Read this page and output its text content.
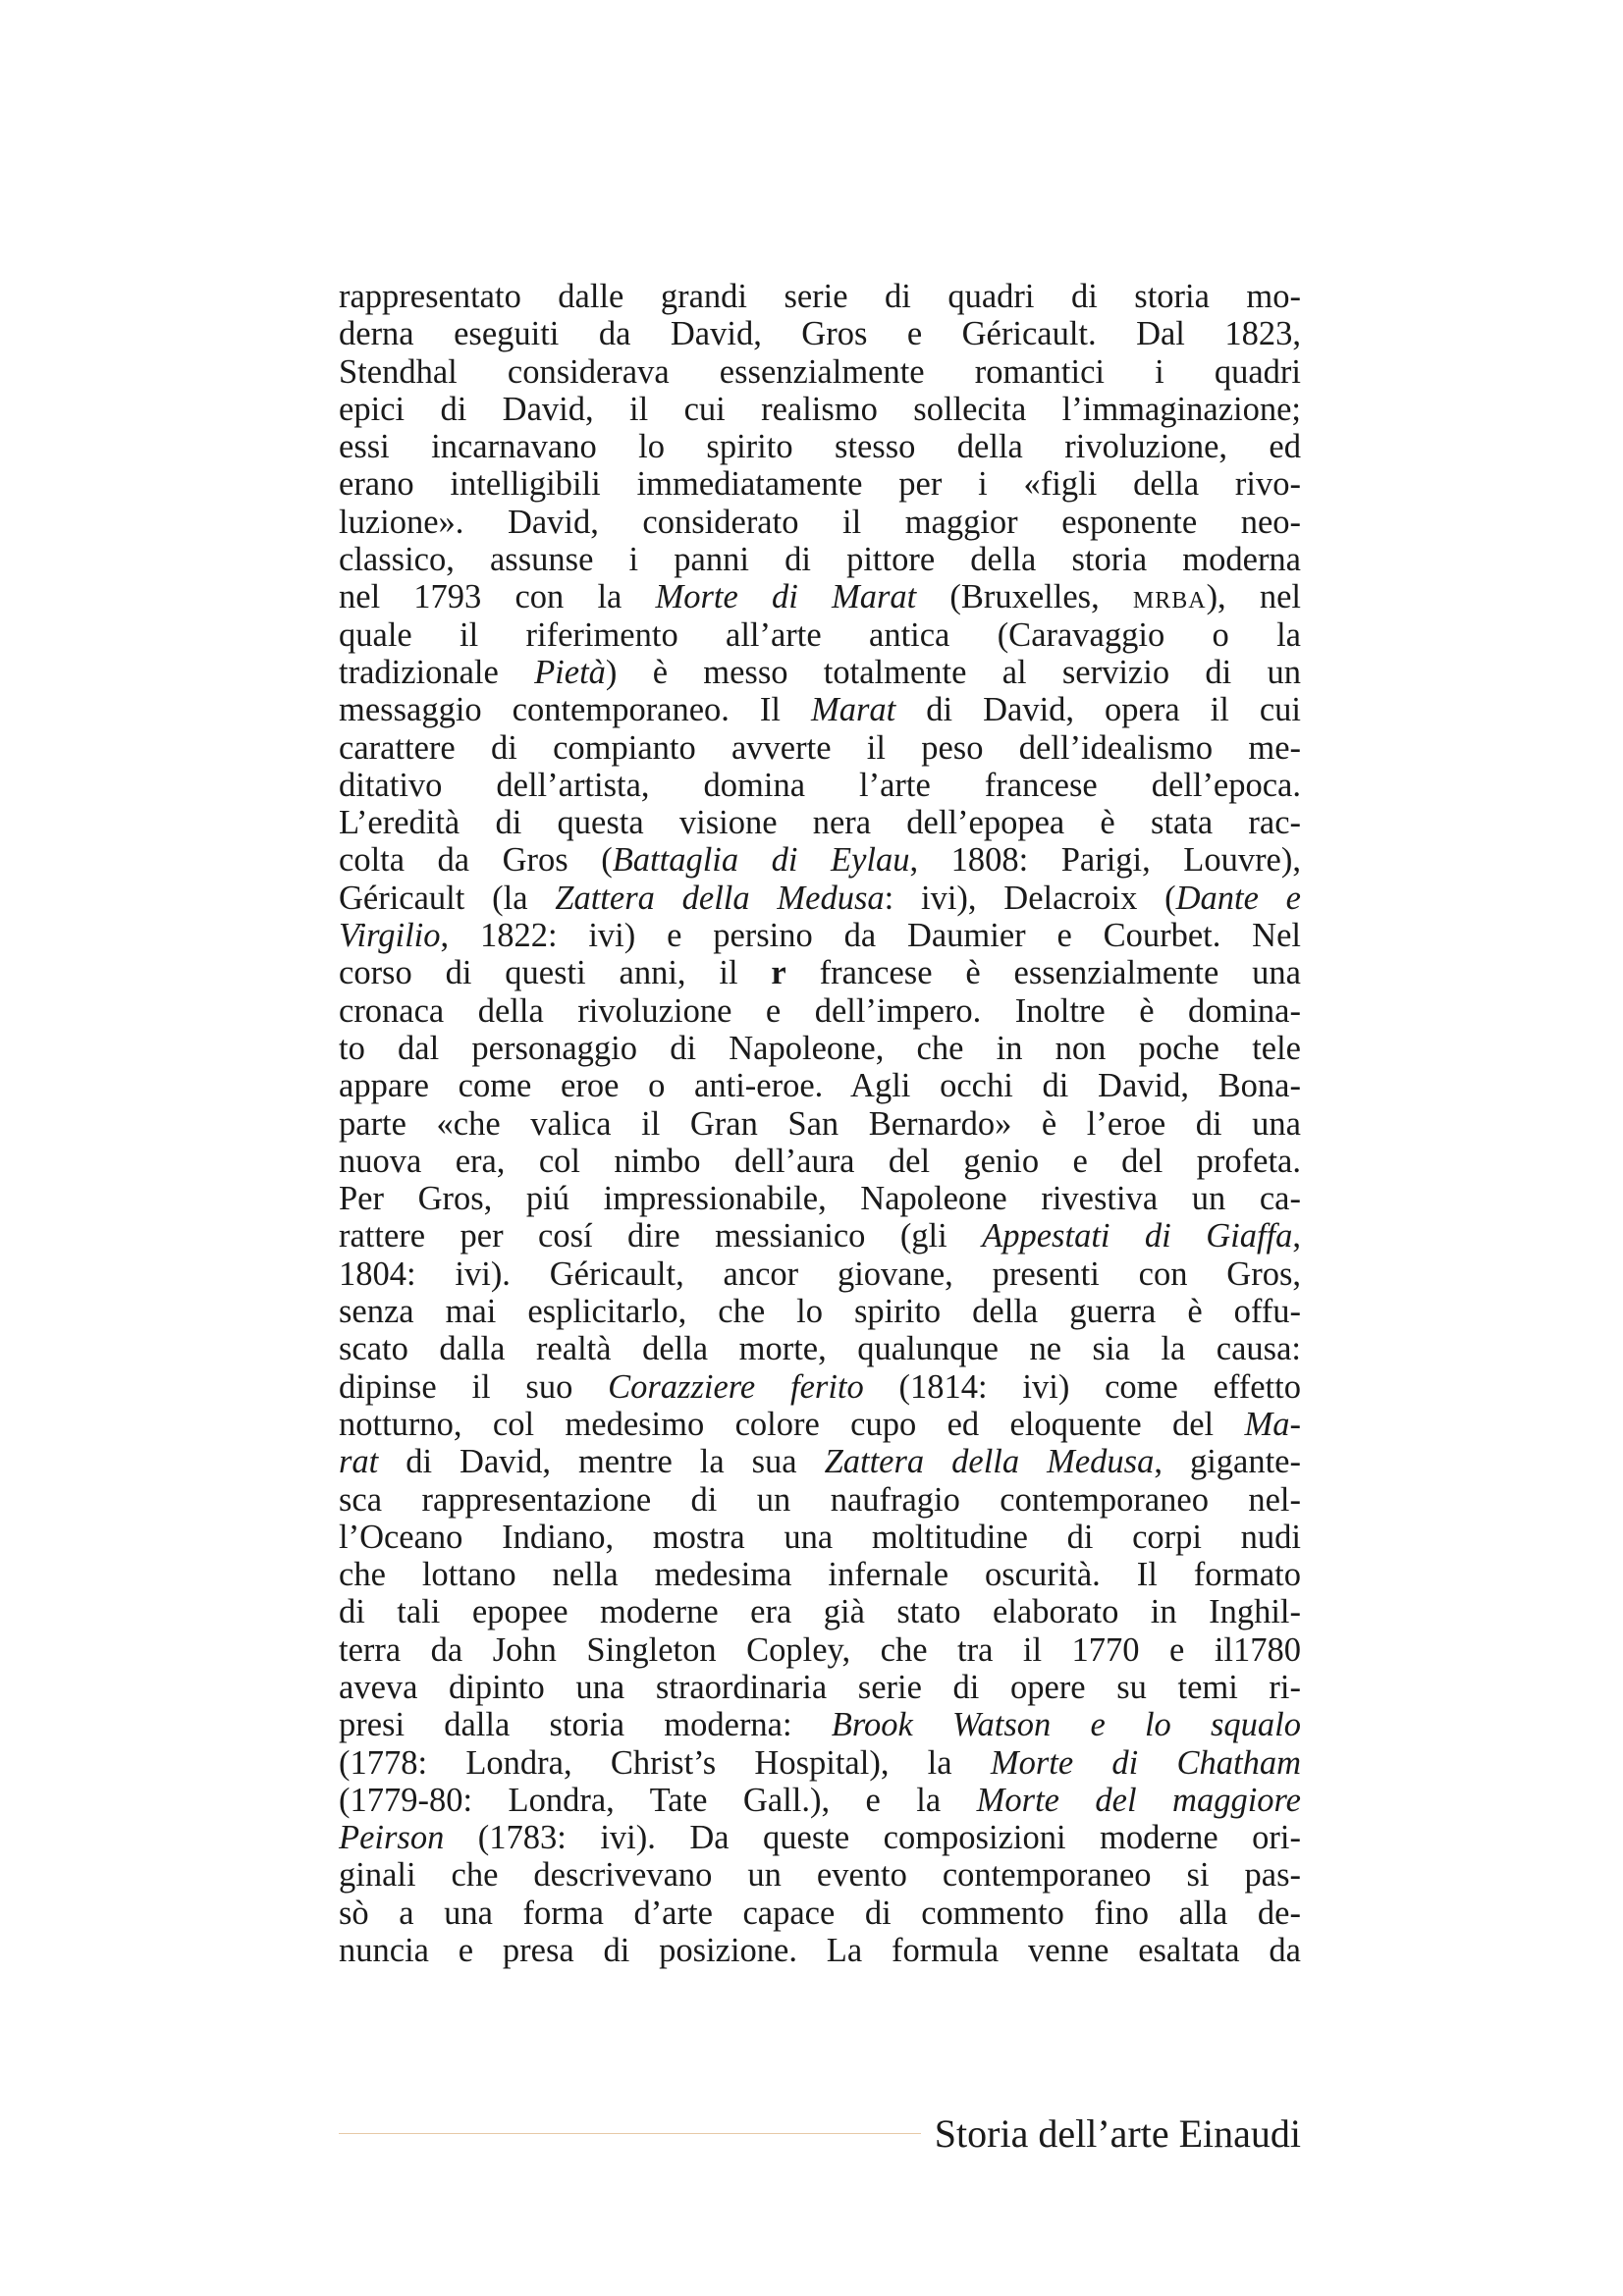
rappresentato dalle grandi serie di quadri di storia mo-
derna eseguiti da David, Gros e Géricault. Dal 1823,
Stendhal considerava essenzialmente romantici i quadri
epici di David, il cui realismo sollecita l’immaginazione;
essi incarnavano lo spirito stesso della rivoluzione, ed
erano intelligibili immediatamente per i «figli della rivo-
luzione». David, considerato il maggior esponente neo-
classico, assunse i panni di pittore della storia moderna
nel 1793 con la Morte di Marat (Bruxelles, mrba), nel
quale il riferimento all’arte antica (Caravaggio o la
tradizionale Pietà) è messo totalmente al servizio di un
messaggio contemporaneo. Il Marat di David, opera il cui
carattere di compianto avverte il peso dell’idealismo me-
ditativo dell’artista, domina l’arte francese dell’epoca.
L’eredità di questa visione nera dell’epopea è stata rac-
colta da Gros (Battaglia di Eylau, 1808: Parigi, Louvre),
Géricault (la Zattera della Medusa: ivi), Delacroix (Dante e
Virgilio, 1822: ivi) e persino da Daumier e Courbet. Nel
corso di questi anni, il r francese è essenzialmente una
cronaca della rivoluzione e dell’impero. Inoltre è domina-
to dal personaggio di Napoleone, che in non poche tele
appare come eroe o anti-eroe. Agli occhi di David, Bona-
parte «che valica il Gran San Bernardo» è l’eroe di una
nuova era, col nimbo dell’aura del genio e del profeta.
Per Gros, piú impressionabile, Napoleone rivestiva un ca-
rattere per cosí dire messianico (gli Appestati di Giaffa,
1804: ivi). Géricault, ancor giovane, presenti con Gros,
senza mai esplicitarlo, che lo spirito della guerra è offu-
scato dalla realtà della morte, qualunque ne sia la causa:
dipinse il suo Corazziere ferito (1814: ivi) come effetto
notturno, col medesimo colore cupo ed eloquente del Ma-
rat di David, mentre la sua Zattera della Medusa, gigante-
sca rappresentazione di un naufragio contemporaneo nel-
l’Oceano Indiano, mostra una moltitudine di corpi nudi
che lottano nella medesima infernale oscurità. Il formato
di tali epopee moderne era già stato elaborato in Inghil-
terra da John Singleton Copley, che tra il 1770 e il1780
aveva dipinto una straordinaria serie di opere su temi ri-
presi dalla storia moderna: Brook Watson e lo squalo
(1778: Londra, Christ’s Hospital), la Morte di Chatham
(1779-80: Londra, Tate Gall.), e la Morte del maggiore
Peirson (1783: ivi). Da queste composizioni moderne ori-
ginali che descrivevano un evento contemporaneo si pas-
sò a una forma d’arte capace di commento fino alla de-
nuncia e presa di posizione. La formula venne esaltata da
Storia dell’arte Einaudi
